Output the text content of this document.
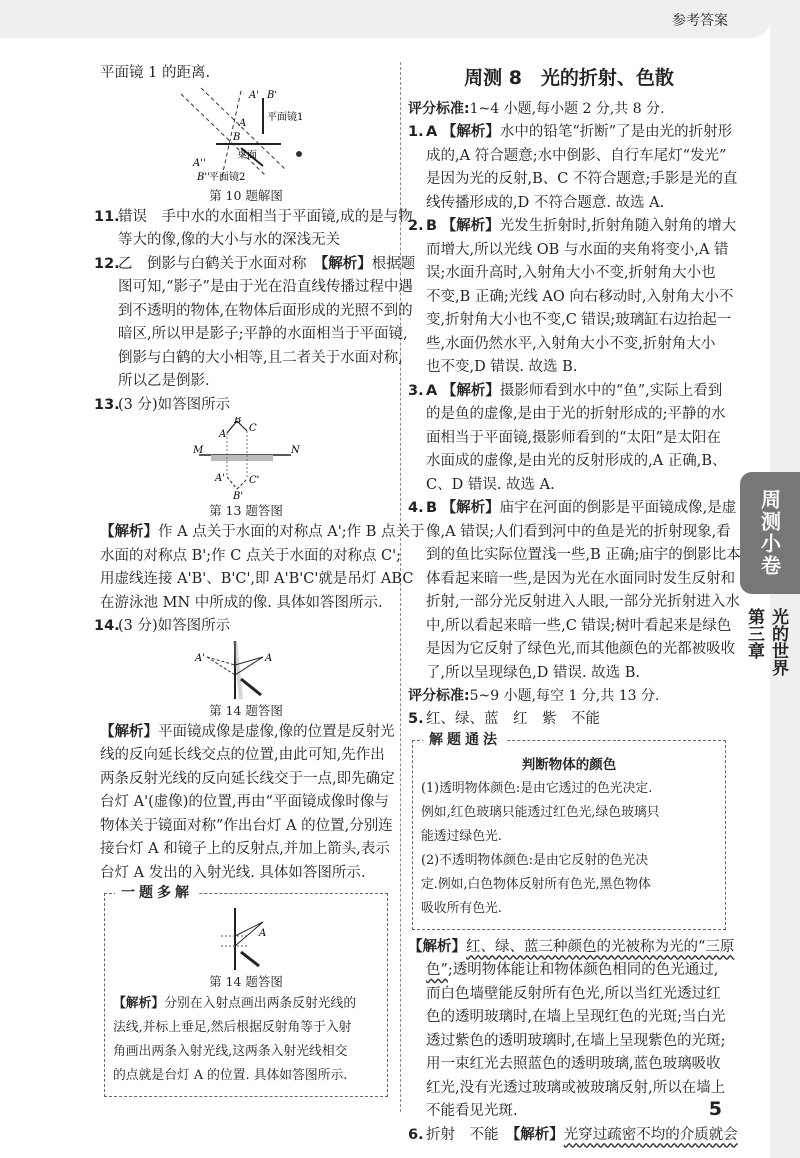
参考答案
周测小卷
第三章 光的世界
平面镜 1 的距离.
A' B'
A
B
平面镜1
桌面
A''
B'' 平面镜2
第 10 题解图
11.错误　手中水的水面相当于平面镜,成的是与物
等大的像,像的大小与水的深浅无关
12.乙　倒影与白鹤关于水面对称　【解析】根据题
图可知,“影子”是由于光在沿直线传播过程中遇
到不透明的物体,在物体后面形成的光照不到的
暗区,所以甲是影子;平静的水面相当于平面镜,
倒影与白鹤的大小相等,且二者关于水面对称,
所以乙是倒影.
13.(3 分)如答图所示
B
C
A
M	N
A' C'
B'
第 13 题答图
【解析】作 A 点关于水面的对称点 A';作 B 点关于
水面的对称点 B';作 C 点关于水面的对称点 C';
用虚线连接 A'B'、B'C',即 A'B'C'就是吊灯 ABC
在游泳池 MN 中所成的像. 具体如答图所示.
14.(3 分)如答图所示
A'	A
第 14 题答图
【解析】平面镜成像是虚像,像的位置是反射光
线的反向延长线交点的位置,由此可知,先作出
两条反射光线的反向延长线交于一点,即先确定
台灯 A'(虚像)的位置,再由“平面镜成像时像与
物体关于镜面对称”作出台灯 A 的位置,分别连
接台灯 A 和镜子上的反射点,并加上箭头,表示
台灯 A 发出的入射光线. 具体如答图所示.
一题多解
A
第 14 题答图
【解析】分别在入射点画出两条反射光线的
法线,并标上垂足,然后根据反射角等于入射
角画出两条入射光线,这两条入射光线相交
的点就是台灯 A 的位置. 具体如答图所示.
周测 8　光的折射、色散
评分标准:1~4 小题,每小题 2 分,共 8 分.
1. A 【解析】水中的铅笔“折断”了是由光的折射形
成的,A 符合题意;水中倒影、自行车尾灯“发光”
是因为光的反射,B、C 不符合题意;手影是光的直
线传播形成的,D 不符合题意. 故选 A.
2. B 【解析】光发生折射时,折射角随入射角的增大
而增大,所以光线 OB 与水面的夹角将变小,A 错
误;水面升高时,入射角大小不变,折射角大小也
不变,B 正确;光线 AO 向右移动时,入射角大小不
变,折射角大小也不变,C 错误;玻璃缸右边抬起一
些,水面仍然水平,入射角大小不变,折射角大小
也不变,D 错误. 故选 B.
3. A 【解析】摄影师看到水中的“鱼”,实际上看到
的是鱼的虚像,是由于光的折射形成的;平静的水
面相当于平面镜,摄影师看到的“太阳”是太阳在
水面成的虚像,是由光的反射形成的,A 正确,B、
C、D 错误. 故选 A.
4. B 【解析】庙宇在河面的倒影是平面镜成像,是虚
像,A 错误;人们看到河中的鱼是光的折射现象,看
到的鱼比实际位置浅一些,B 正确;庙宇的倒影比本
体看起来暗一些,是因为光在水面同时发生反射和
折射,一部分光反射进入人眼,一部分光折射进入水
中,所以看起来暗一些,C 错误;树叶看起来是绿色
是因为它反射了绿色光,而其他颜色的光都被吸收
了,所以呈现绿色,D 错误. 故选 B.
评分标准:5~9 小题,每空 1 分,共 13 分.
5. 红、绿、蓝　红　紫　不能
解题通法
判断物体的颜色
(1)透明物体颜色:是由它透过的色光决定.
例如,红色玻璃只能透过红色光,绿色玻璃只
能透过绿色光.
(2)不透明物体颜色:是由它反射的色光决
定.例如,白色物体反射所有色光,黑色物体
吸收所有色光.
【解析】红、绿、蓝三种颜色的光被称为光的“三原
色”;透明物体能让和物体颜色相同的色光通过,
而白色墙壁能反射所有色光,所以当红光透过红
色的透明玻璃时,在墙上呈现红色的光斑;当白光
透过紫色的透明玻璃时,在墙上呈现紫色的光斑;
用一束红光去照蓝色的透明玻璃,蓝色玻璃吸收
红光,没有光透过玻璃或被玻璃反射,所以在墙上
不能看见光斑.
6. 折射　不能　【解析】光穿过疏密不均的介质就会
5
